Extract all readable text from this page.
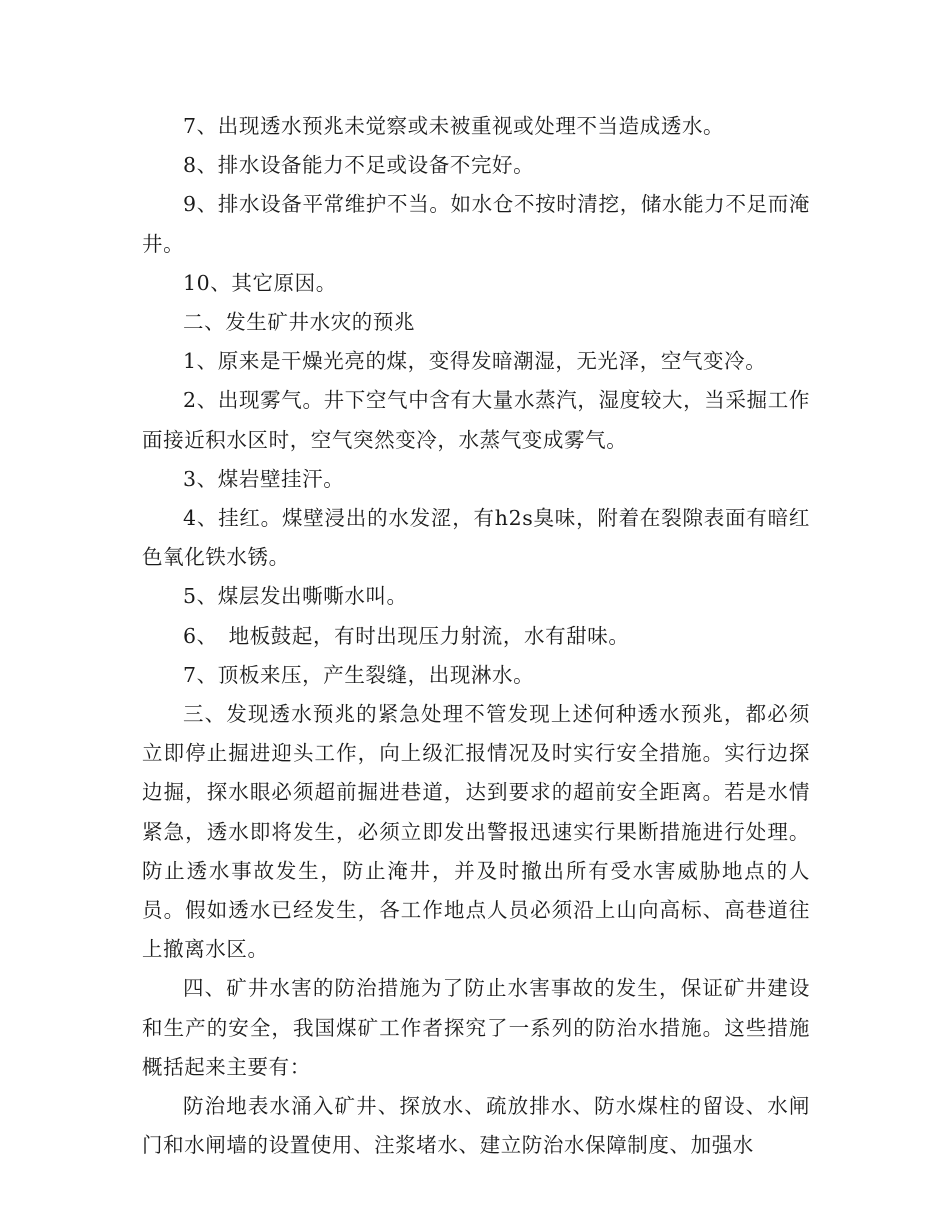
7、出现透水预兆未觉察或未被重视或处理不当造成透水。

8、排水设备能力不足或设备不完好。

9、排水设备平常维护不当。如水仓不按时清挖，储水能力不足而淹井。

10、其它原因。

二、发生矿井水灾的预兆

1、原来是干燥光亮的煤，变得发暗潮湿，无光泽，空气变冷。

2、出现雾气。井下空气中含有大量水蒸汽，湿度较大，当采掘工作面接近积水区时，空气突然变冷，水蒸气变成雾气。

3、煤岩壁挂汗。

4、挂红。煤壁浸出的水发涩，有h2s臭味，附着在裂隙表面有暗红色氧化铁水锈。

5、煤层发出嘶嘶水叫。

6、　地板鼓起，有时出现压力射流，水有甜味。

7、顶板来压，产生裂缝，出现淋水。

三、发现透水预兆的紧急处理不管发现上述何种透水预兆，都必须立即停止掘进迎头工作，向上级汇报情况及时实行安全措施。实行边探边掘，探水眼必须超前掘进巷道，达到要求的超前安全距离。若是水情紧急，透水即将发生，必须立即发出警报迅速实行果断措施进行处理。防止透水事故发生，防止淹井，并及时撤出所有受水害威胁地点的人员。假如透水已经发生，各工作地点人员必须沿上山向高标、高巷道往上撤离水区。

四、矿井水害的防治措施为了防止水害事故的发生，保证矿井建设和生产的安全，我国煤矿工作者探究了一系列的防治水措施。这些措施概括起来主要有：

防治地表水涌入矿井、探放水、疏放排水、防水煤柱的留设、水闸门和水闸墙的设置使用、注浆堵水、建立防治水保障制度、加强水
